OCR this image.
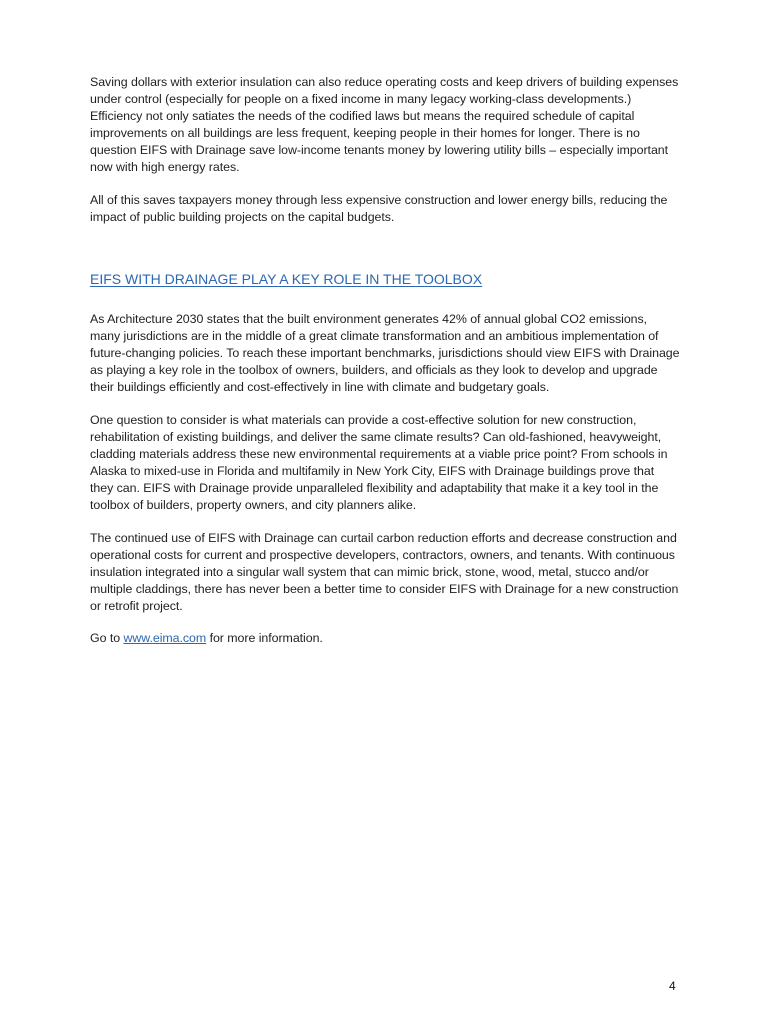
Saving dollars with exterior insulation can also reduce operating costs and keep drivers of building expenses under control (especially for people on a fixed income in many legacy working-class developments.) Efficiency not only satiates the needs of the codified laws but means the required schedule of capital improvements on all buildings are less frequent, keeping people in their homes for longer. There is no question EIFS with Drainage save low-income tenants money by lowering utility bills – especially important now with high energy rates.

All of this saves taxpayers money through less expensive construction and lower energy bills, reducing the impact of public building projects on the capital budgets.

EIFS WITH DRAINAGE PLAY A KEY ROLE IN THE TOOLBOX

As Architecture 2030 states that the built environment generates 42% of annual global CO2 emissions, many jurisdictions are in the middle of a great climate transformation and an ambitious implementation of future-changing policies. To reach these important benchmarks, jurisdictions should view EIFS with Drainage as playing a key role in the toolbox of owners, builders, and officials as they look to develop and upgrade their buildings efficiently and cost-effectively in line with climate and budgetary goals.

One question to consider is what materials can provide a cost-effective solution for new construction, rehabilitation of existing buildings, and deliver the same climate results? Can old-fashioned, heavyweight, cladding materials address these new environmental requirements at a viable price point? From schools in Alaska to mixed-use in Florida and multifamily in New York City, EIFS with Drainage buildings prove that they can. EIFS with Drainage provide unparalleled flexibility and adaptability that make it a key tool in the toolbox of builders, property owners, and city planners alike.

The continued use of EIFS with Drainage can curtail carbon reduction efforts and decrease construction and operational costs for current and prospective developers, contractors, owners, and tenants. With continuous insulation integrated into a singular wall system that can mimic brick, stone, wood, metal, stucco and/or multiple claddings, there has never been a better time to consider EIFS with Drainage for a new construction or retrofit project.

Go to www.eima.com for more information.

4
